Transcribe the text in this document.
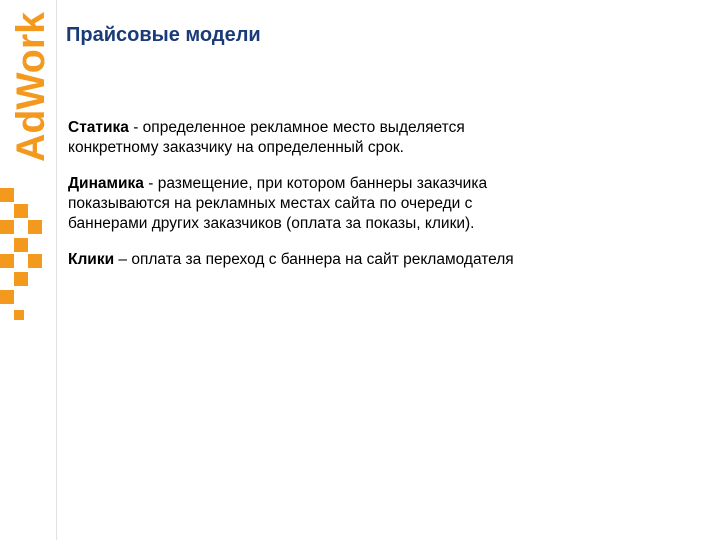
AdWork Прайсовые модели

Статика - определенное рекламное место выделяется
конкретному заказчику на определенный срок.

Динамика - размещение, при котором баннеры заказчика
показываются на рекламных местах сайта по очереди с
баннерами других заказчиков (оплата за показы, клики).

Клики – оплата за переход с баннера на сайт рекламодателя
